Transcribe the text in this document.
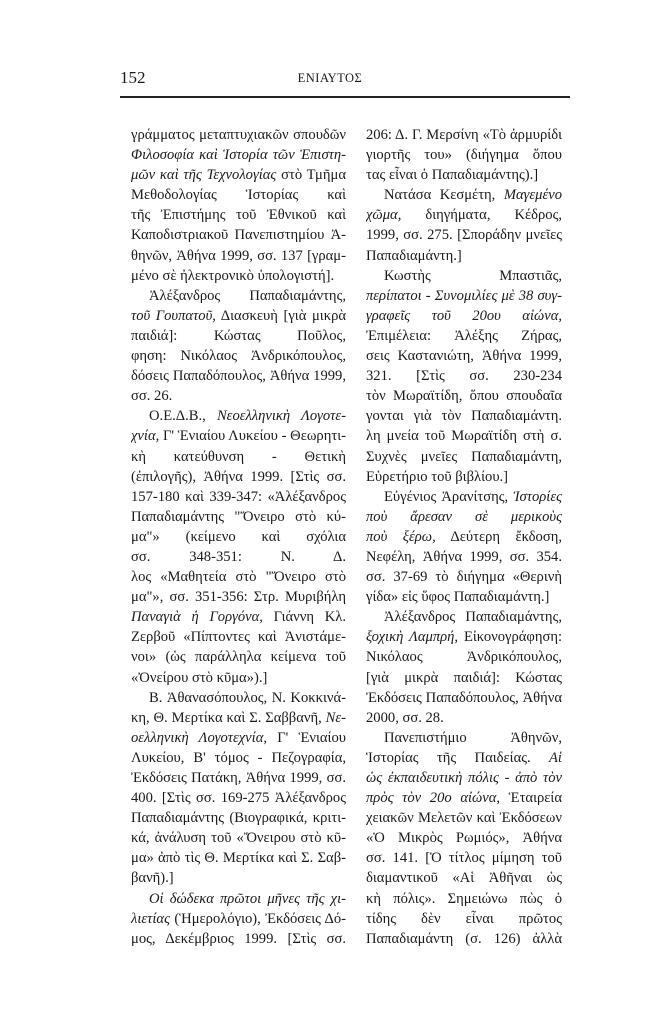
152	ΕΝΙΑΥΤΟΣ
γράμματος μεταπτυχιακῶν σπουδῶν
Φιλοσοφία καὶ Ἱστορία τῶν Ἐπιστη-
μῶν καὶ τῆς Τεχνολογίας στὸ Τμῆμα
Μεθοδολογίας Ἱστορίας καὶ
τῆς Ἐπιστήμης τοῦ Ἐθνικοῦ καὶ
Καποδιστριακοῦ Πανεπιστημίου Ἀ-
θηνῶν, Ἀθήνα 1999, σσ. 137 [γραμ-
μένο σὲ ἠλεκτρονικὸ ὑπολογιστή].
Ἀλέξανδρος Παπαδιαμάντης,
τοῦ Γουπατοῦ, Διασκευὴ [γιὰ μικρὰ
παιδιά]: Κώστας Ποῦλος,
φηση: Νικόλαος Ἀνδρικόπουλος,
δόσεις Παπαδόπουλος, Ἀθήνα 1999,
σσ. 26.
Ο.Ε.Δ.Β., Νεοελληνικὴ Λογοτε-
χνία, Γ' Ἑνιαίου Λυκείου - Θεωρητι-
κὴ κατεύθυνση - Θετικὴ
(ἐπιλογῆς), Ἀθήνα 1999. [Στὶς σσ.
157-180 καὶ 339-347: «Ἀλέξανδρος
Παπαδιαμάντης "Ὄνειρο στὸ κύ-
μα"» (κείμενο καὶ σχόλια
σσ. 348-351: Ν. Δ.
λος «Μαθητεία στὸ "Ὄνειρο στὸ
μα"», σσ. 351-356: Στρ. Μυριβήλη
Παναγιὰ ἡ Γοργόνα, Γιάννη Κλ.
Ζερβοῦ «Πίπτοντες καὶ Ἀνιστάμε-
νοι» (ὡς παράλληλα κείμενα τοῦ
«Ὀνείρου στὸ κῦμα»).]
Β. Ἀθανασόπουλος, Ν. Κοκκινά-
κη, Θ. Μερτίκα καὶ Σ. Σαββανῆ, Νε-
οελληνικὴ Λογοτεχνία, Γ' Ἑνιαίου
Λυκείου, Β' τόμος - Πεζογραφία,
Ἐκδόσεις Πατάκη, Ἀθήνα 1999, σσ.
400. [Στὶς σσ. 169-275 Ἀλέξανδρος
Παπαδιαμάντης (Βιογραφικά, κριτι-
κά, ἀνάλυση τοῦ «Ὄνειρου στὸ κῦ-
μα» ἀπὸ τὶς Θ. Μερτίκα καὶ Σ. Σαβ-
βανῆ).]
Οἱ δώδεκα πρῶτοι μῆνες τῆς χι-
λιετίας (Ἡμερολόγιο), Ἐκδόσεις Δό-
μος, Δεκέμβριος 1999. [Στὶς σσ.
206: Δ. Γ. Μερσίνη «Τὸ ἁρμυρίδι
γιορτῆς του» (διήγημα ὅπου
τας εἶναι ὁ Παπαδιαμάντης).]
Νατάσα Κεσμέτη, Μαγεμένο
χῶμα, διηγήματα, Κέδρος,
1999, σσ. 275. [Σποράδην μνεῖες
Παπαδιαμάντη.]
Κωστὴς Μπαστιᾶς,
περίπατοι - Συνομιλίες μὲ 38 συγ-
γραφεῖς τοῦ 20ου αἰώνα,
Ἐπιμέλεια: Ἀλέξης Ζήρας,
σεις Καστανιώτη, Ἀθήνα 1999,
321. [Στὶς σσ. 230-234
τὸν Μωραϊτίδη, ὅπου σπουδαῖα
γονται γιὰ τὸν Παπαδιαμάντη.
λη μνεία τοῦ Μωραϊτίδη στὴ σ.
Συχνὲς μνεῖες Παπαδιαμάντη,
Εὑρετήριο τοῦ βιβλίου.]
Εὐγένιος Ἀρανίτσης, Ἱστορίες
ποὺ ἄρεσαν σὲ μερικοὺς
ποὺ ξέρω, Δεύτερη ἔκδοση,
Νεφέλη, Ἀθήνα 1999, σσ. 354.
σσ. 37-69 τὸ διήγημα «Θερινὴ
γίδα» εἰς ὕφος Παπαδιαμάντη.]
Ἀλέξανδρος Παπαδιαμάντης,
ξοχικὴ Λαμπρή, Εἰκονογράφηση:
Νικόλαος Ἀνδρικόπουλος,
[γιὰ μικρὰ παιδιά]: Κώστας
Ἐκδόσεις Παπαδόπουλος, Ἀθήνα
2000, σσ. 28.
Πανεπιστήμιο Ἀθηνῶν,
Ἱστορίας τῆς Παιδείας. Αἱ
ὡς ἐκπαιδευτικὴ πόλις - ἀπὸ τὸν
πρὸς τὸν 20ο αἰώνα, Ἑταιρεία
χειακῶν Μελετῶν καὶ Ἐκδόσεων
«Ὁ Μικρὸς Ρωμιός», Ἀθήνα
σσ. 141. [Ὁ τίτλος μίμηση τοῦ
διαμαντικοῦ «Αἱ Ἀθῆναι ὡς
κὴ πόλις». Σημειώνω πὼς ὁ
τίδης δὲν εἶναι πρῶτος
Παπαδιαμάντη (σ. 126) ἀλλὰ
